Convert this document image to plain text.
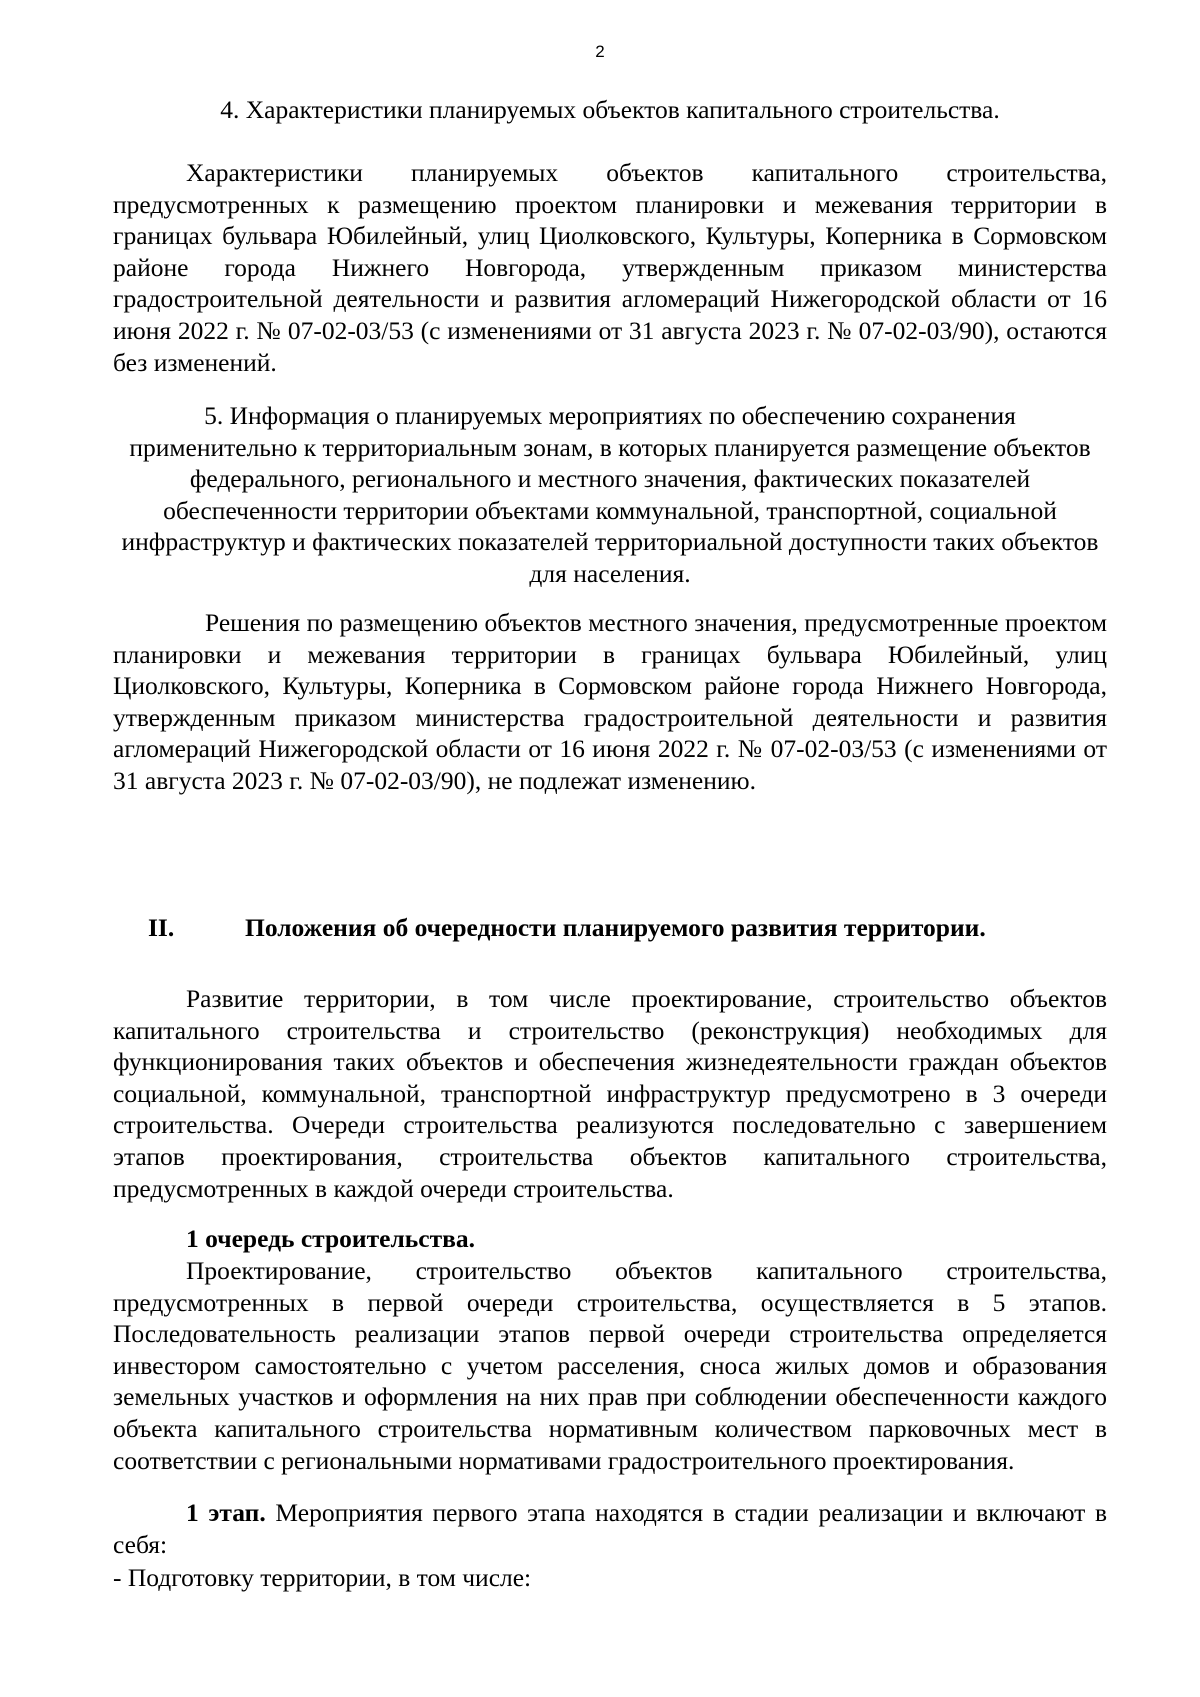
2
4. Характеристики планируемых объектов капитального строительства.
Характеристики планируемых объектов капитального строительства, предусмотренных к размещению проектом планировки и межевания территории в границах бульвара Юбилейный, улиц Циолковского, Культуры, Коперника в Сормовском районе города Нижнего Новгорода, утвержденным приказом министерства градостроительной деятельности и развития агломераций Нижегородской области от 16 июня 2022 г. № 07-02-03/53 (с изменениями от 31 августа 2023 г. № 07-02-03/90), остаются без изменений.
5. Информация о планируемых мероприятиях по обеспечению сохранения применительно к территориальным зонам, в которых планируется размещение объектов федерального, регионального и местного значения, фактических показателей обеспеченности территории объектами коммунальной, транспортной, социальной инфраструктур и фактических показателей территориальной доступности таких объектов для населения.
Решения по размещению объектов местного значения, предусмотренные проектом планировки и межевания территории в границах бульвара Юбилейный, улиц Циолковского, Культуры, Коперника в Сормовском районе города Нижнего Новгорода, утвержденным приказом министерства градостроительной деятельности и развития агломераций Нижегородской области от 16 июня 2022 г. № 07-02-03/53 (с изменениями от 31 августа 2023 г. № 07-02-03/90), не подлежат изменению.
II.	Положения об очередности планируемого развития территории.
Развитие территории, в том числе проектирование, строительство объектов капитального строительства и строительство (реконструкция) необходимых для функционирования таких объектов и обеспечения жизнедеятельности граждан объектов социальной, коммунальной, транспортной инфраструктур предусмотрено в 3 очереди строительства. Очереди строительства реализуются последовательно с завершением этапов проектирования, строительства объектов капитального строительства, предусмотренных в каждой очереди строительства.
1 очередь строительства.
Проектирование, строительство объектов капитального строительства, предусмотренных в первой очереди строительства, осуществляется в 5 этапов. Последовательность реализации этапов первой очереди строительства определяется инвестором самостоятельно с учетом расселения, сноса жилых домов и образования земельных участков и оформления на них прав при соблюдении обеспеченности каждого объекта капитального строительства нормативным количеством парковочных мест в соответствии с региональными нормативами градостроительного проектирования.
1 этап. Мероприятия первого этапа находятся в стадии реализации и включают в себя:
- Подготовку территории, в том числе:
